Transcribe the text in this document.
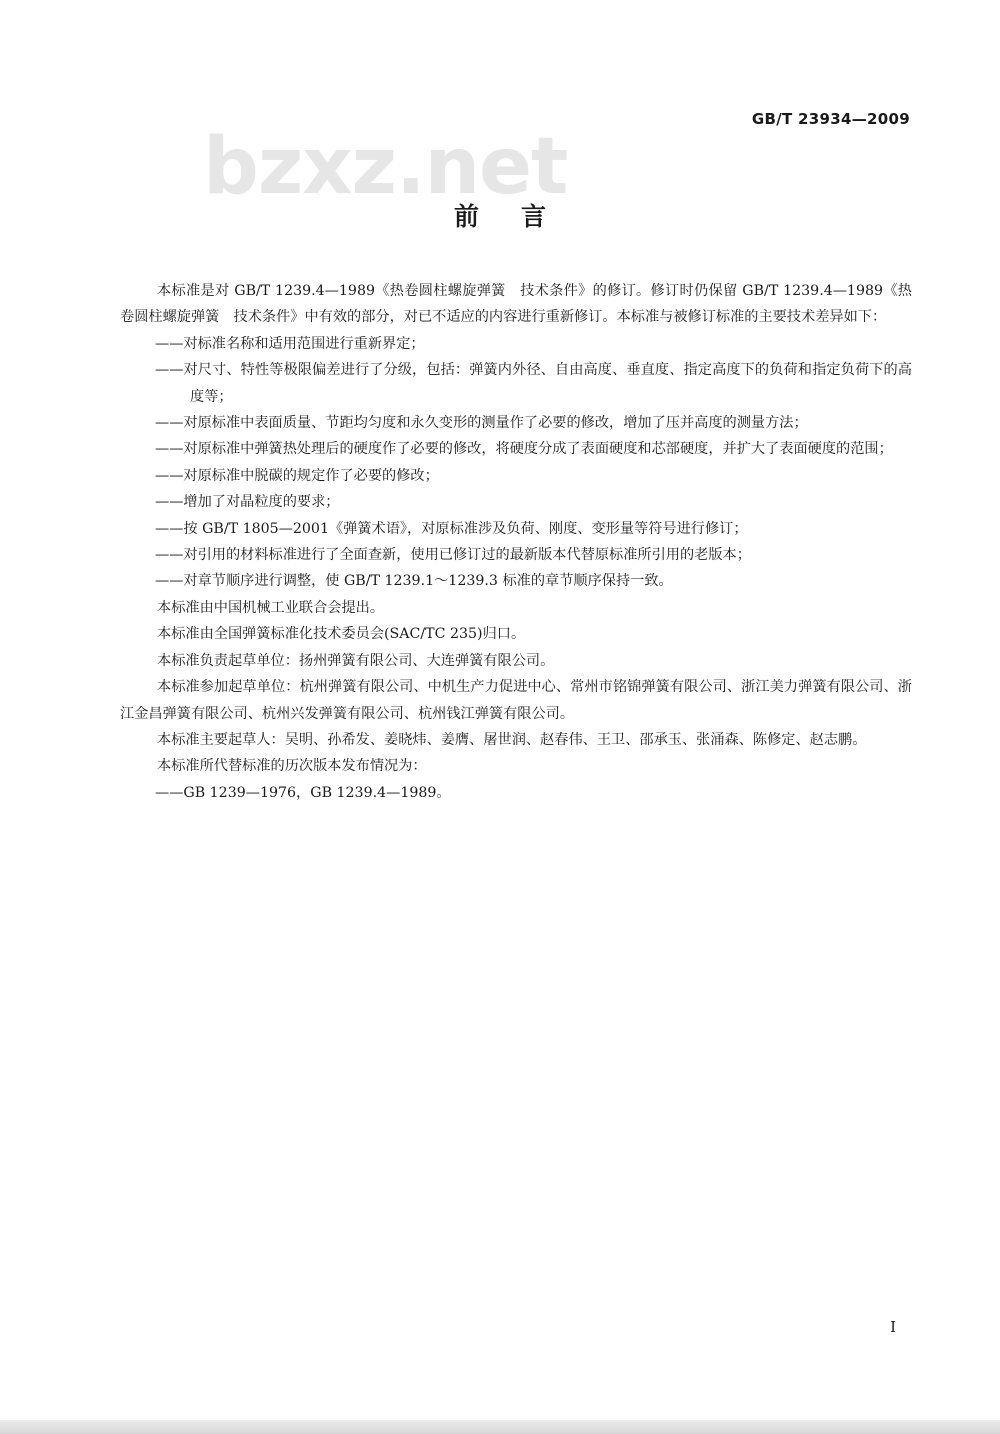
bzxz.net
GB/T 23934—2009
前言

本标准是对 GB/T 1239.4—1989《热卷圆柱螺旋弹簧　技术条件》的修订。修订时仍保留 GB/T 1239.4—1989《热卷圆柱螺旋弹簧　技术条件》中有效的部分，对已不适应的内容进行重新修订。本标准与被修订标准的主要技术差异如下：

——对标准名称和适用范围进行重新界定；

——对尺寸、特性等极限偏差进行了分级，包括：弹簧内外径、自由高度、垂直度、指定高度下的负荷和指定负荷下的高度等；

——对原标准中表面质量、节距均匀度和永久变形的测量作了必要的修改，增加了压并高度的测量方法；

——对原标准中弹簧热处理后的硬度作了必要的修改，将硬度分成了表面硬度和芯部硬度，并扩大了表面硬度的范围；

——对原标准中脱碳的规定作了必要的修改；

——增加了对晶粒度的要求；

——按 GB/T 1805—2001《弹簧术语》，对原标准涉及负荷、刚度、变形量等符号进行修订；

——对引用的材料标准进行了全面查新，使用已修订过的最新版本代替原标准所引用的老版本；

——对章节顺序进行调整，使 GB/T 1239.1～1239.3 标准的章节顺序保持一致。

本标准由中国机械工业联合会提出。

本标准由全国弹簧标准化技术委员会(SAC/TC 235)归口。

本标准负责起草单位：扬州弹簧有限公司、大连弹簧有限公司。

本标准参加起草单位：杭州弹簧有限公司、中机生产力促进中心、常州市铭锦弹簧有限公司、浙江美力弹簧有限公司、浙江金昌弹簧有限公司、杭州兴发弹簧有限公司、杭州钱江弹簧有限公司。

本标准主要起草人：吴明、孙希发、姜晓炜、姜膺、屠世润、赵春伟、王卫、邵承玉、张涌森、陈修定、赵志鹏。

本标准所代替标准的历次版本发布情况为：

——GB 1239—1976，GB 1239.4—1989。

I
